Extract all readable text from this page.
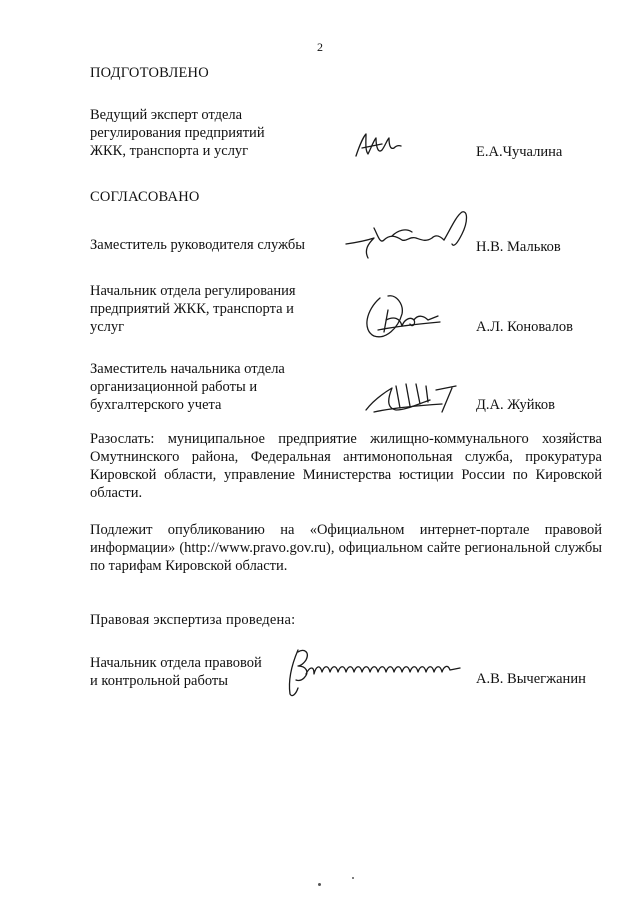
2
ПОДГОТОВЛЕНО
Ведущий эксперт отдела
регулирования предприятий
ЖКК, транспорта и услуг	Е.А.Чучалина
СОГЛАСОВАНО
Заместитель руководителя службы	Н.В. Мальков
Начальник отдела регулирования
предприятий ЖКК, транспорта и
услуг	А.Л. Коновалов
Заместитель начальника отдела
организационной работы и
бухгалтерского учета	Д.А. Жуйков
Разослать: муниципальное предприятие жилищно-коммунального хозяйства Омутнинского района, Федеральная антимонопольная служба, прокуратура Кировской области, управление Министерства юстиции России по Кировской области.
Подлежит опубликованию на «Официальном интернет-портале правовой информации» (http://www.pravo.gov.ru), официальном сайте региональной службы по тарифам Кировской области.
Правовая экспертиза проведена:
Начальник отдела правовой
и контрольной работы	А.В. Вычегжанин
